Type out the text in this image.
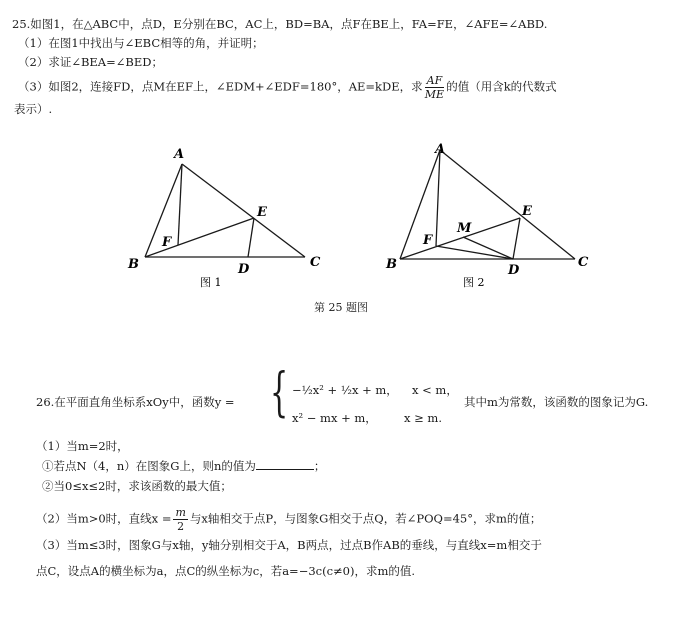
25.如图1，在△ABC中，点D，E分别在BC，AC上，BD=BA，点F在BE上，FA=FE，∠AFE=∠ABD.
（1）在图1中找出与∠EBC相等的角，并证明；
（2）求证∠BEA=∠BED；
（3）如图2，连接FD，点M在EF上，∠EDM+∠EDF=180°，AE=kDE，求 $\frac{AF}{ME}$ 的值（用含k的代数式
表示）.
A
B	C
D
E
F
图 1
A
B	C
D
E
F
M
图 2
第 25 题图
26.在平面直角坐标系xOy中，函数y = { −½x² + ½x + m， x < m，
x² − mx + m， x ≥ m.
其中m为常数，该函数的图象记为G.
（1）当m=2时，
①若点N（4，n）在图象G上，则n的值为	；
②当0≤x≤2时，求该函数的最大值；
（2）当m>0时，直线$x = \frac{m}{2}$ 与x轴相交于点P，与图象G相交于点Q，若∠POQ=45°，求m的值；
（3）当m≤3时，图象G与x轴，y轴分别相交于A，B两点，过点B作AB的垂线，与直线x=m相交于
点C，设点A的横坐标为a，点C的纵坐标为c，若a=−3c(c≠0)，求m的值.
